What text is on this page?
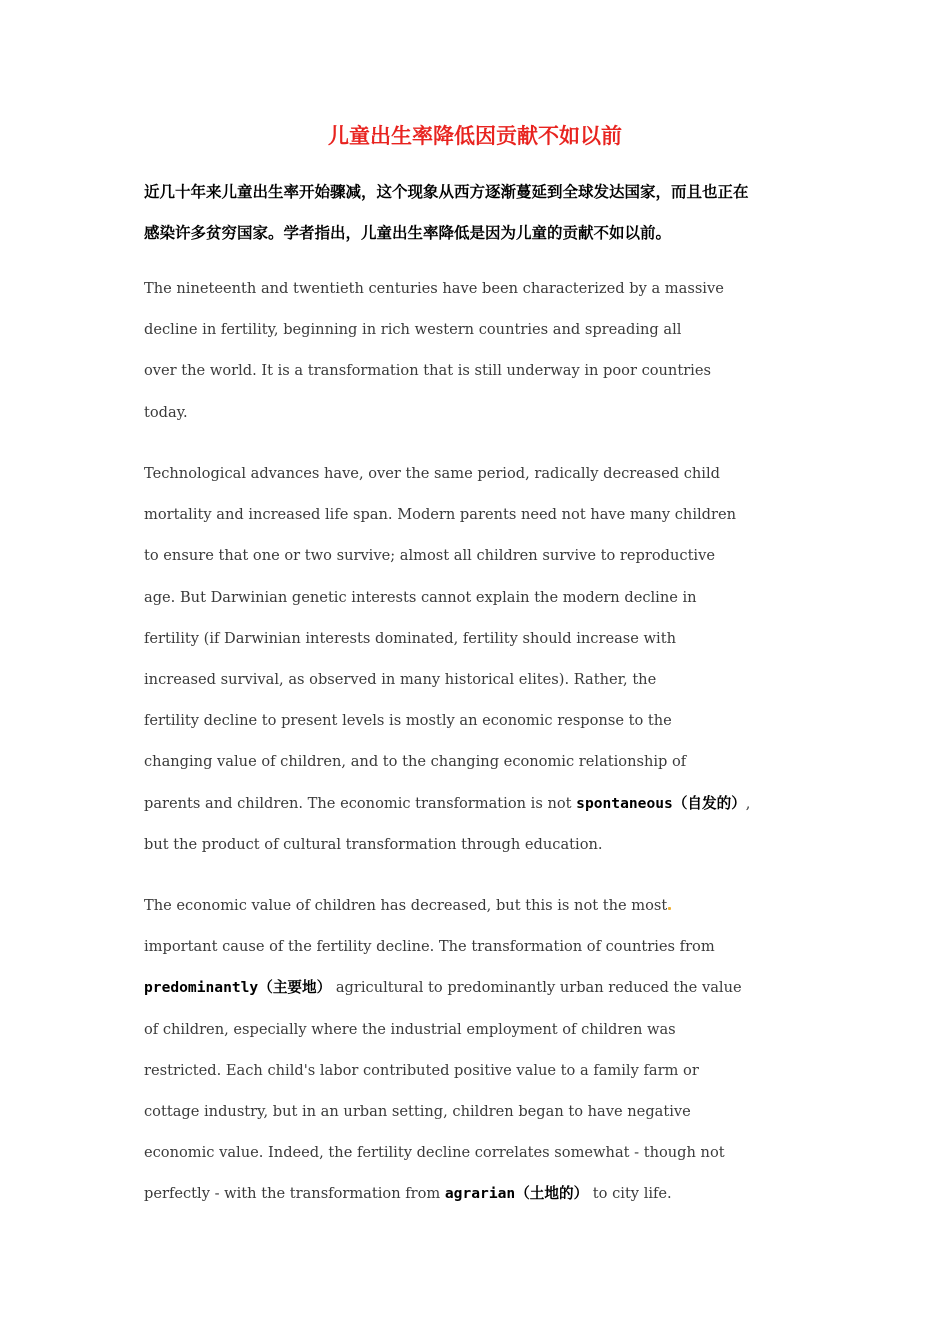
儿童出生率降低因贡献不如以前

近几十年来儿童出生率开始骤减，这个现象从西方逐渐蔓延到全球发达国家，而且也正在
感染许多贫穷国家。学者指出，儿童出生率降低是因为儿童的贡献不如以前。

The nineteenth and twentieth centuries have been characterized by a massive
decline in fertility, beginning in rich western countries and spreading all
over the world. It is a transformation that is still underway in poor countries
today.

Technological advances have, over the same period, radically decreased child
mortality and increased life span. Modern parents need not have many children
to ensure that one or two survive; almost all children survive to reproductive
age. But Darwinian genetic interests cannot explain the modern decline in
fertility (if Darwinian interests dominated, fertility should increase with
increased survival, as observed in many historical elites). Rather, the
fertility decline to present levels is mostly an economic response to the
changing value of children, and to the changing economic relationship of
parents and children. The economic transformation is not spontaneous（自发的）,
but the product of cultural transformation through education.

The economic value of children has decreased, but this is not the most
important cause of the fertility decline. The transformation of countries from
predominantly（主要地） agricultural to predominantly urban reduced the value
of children, especially where the industrial employment of children was
restricted. Each child's labor contributed positive value to a family farm or
cottage industry, but in an urban setting, children began to have negative
economic value. Indeed, the fertility decline correlates somewhat - though not
perfectly - with the transformation from agrarian（土地的） to city life.
